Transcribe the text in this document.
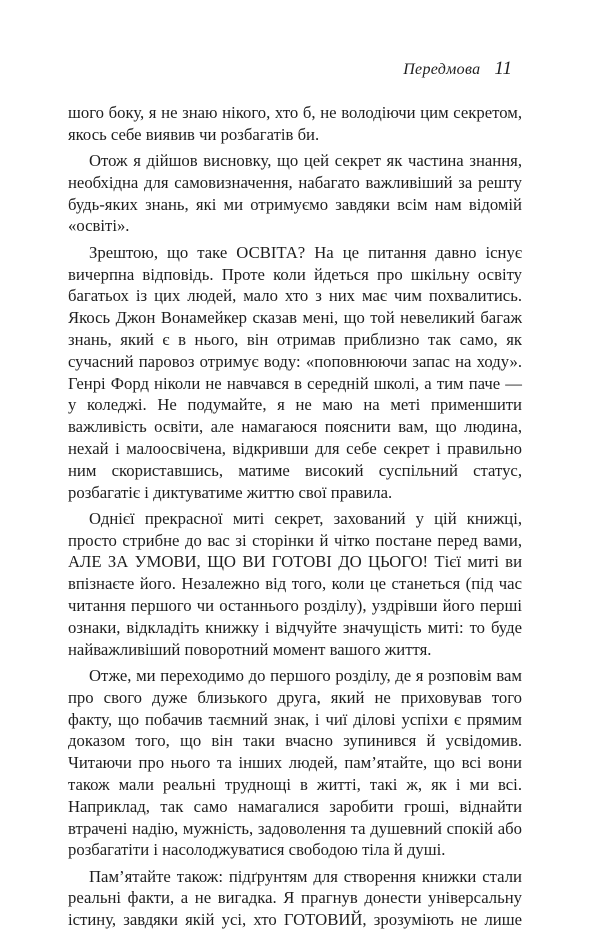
Передмова 11

шого боку, я не знаю нікого, хто б, не володіючи цим секретом, якось себе виявив чи розбагатів би.

Отож я дійшов висновку, що цей секрет як частина знання, необхідна для самовизначення, набагато важливіший за решту будь-яких знань, які ми отримуємо завдяки всім нам відомій «освіті».

Зрештою, що таке ОСВІТА? На це питання давно існує вичерпна відповідь. Проте коли йдеться про шкільну освіту багатьох із цих людей, мало хто з них має чим похвалитись. Якось Джон Вонамейкер сказав мені, що той невеликий багаж знань, який є в нього, він отримав приблизно так само, як сучасний паровоз отримує воду: «поповнюючи запас на ходу». Генрі Форд ніколи не навчався в середній школі, а тим паче — у коледжі. Не подумайте, я не маю на меті применшити важливість освіти, але намагаюся пояснити вам, що людина, нехай і малоосвічена, відкривши для себе секрет і правильно ним скориставшись, матиме високий суспільний статус, розбагатіє і диктуватиме життю свої правила.

Однієї прекрасної миті секрет, захований у цій книжці, просто стрибне до вас зі сторінки й чітко постане перед вами, АЛЕ ЗА УМОВИ, ЩО ВИ ГОТОВІ ДО ЦЬОГО! Тієї миті ви впізнаєте його. Незалежно від того, коли це станеться (під час читання першого чи останнього розділу), уздрівши його перші ознаки, відкладіть книжку і відчуйте значущість миті: то буде найважливіший поворотний момент вашого життя.

Отже, ми переходимо до першого розділу, де я розповім вам про свого дуже близького друга, який не приховував того факту, що побачив таємний знак, і чиї ділові успіхи є прямим доказом того, що він таки вчасно зупинився й усвідомив. Читаючи про нього та інших людей, пам’ятайте, що всі вони також мали реальні труднощі в житті, такі ж, як і ми всі. Наприклад, так само намагалися заробити гроші, віднайти втрачені надію, мужність, задоволення та душевний спокій або розбагатіти і насолоджуватися свободою тіла й душі.

Пам’ятайте також: підґрунтям для створення книжки стали реальні факти, а не вигадка. Я прагнув донести універсальну істину, завдяки якій усі, хто ГОТОВИЙ, зрозуміють не лише
